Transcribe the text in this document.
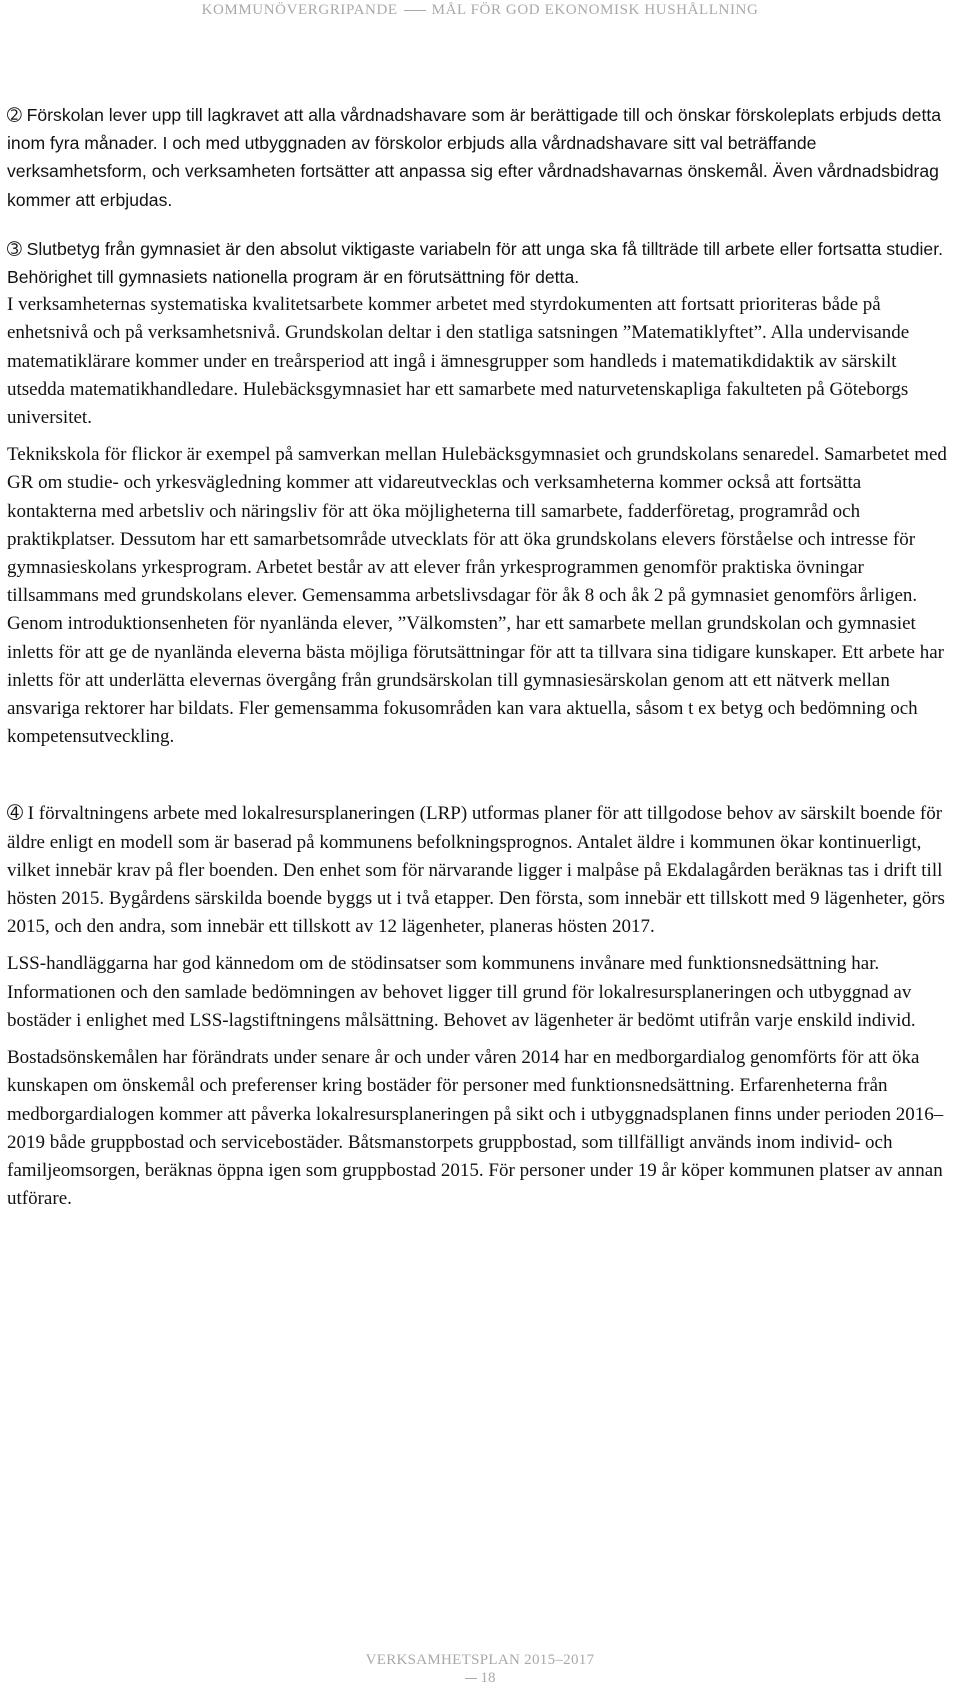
KOMMUNÖVERGRIPANDE MÅL FÖR GOD EKONOMISK HUSHÅLLNING

➁ Förskolan lever upp till lagkravet att alla vårdnadshavare som är berättigade till och önskar förskoleplats erbjuds detta inom fyra månader. I och med utbyggnaden av förskolor erbjuds alla vårdnadshavare sitt val beträffande verksamhetsform, och verksamheten fortsätter att anpassa sig efter vårdnadshavarnas önskemål. Även vårdnadsbidrag kommer att erbjudas.

➂ Slutbetyg från gymnasiet är den absolut viktigaste variabeln för att unga ska få tillträde till arbete eller fortsatta studier. Behörighet till gymnasiets nationella program är en förutsättning för detta.

I verksamheternas systematiska kvalitetsarbete kommer arbetet med styrdokumenten att fortsatt prioriteras både på enhetsnivå och på verksamhetsnivå. Grundskolan deltar i den statliga satsningen ”Matematiklyftet”. Alla undervisande matematiklärare kommer under en treårsperiod att ingå i ämnesgrupper som handleds i matematikdidaktik av särskilt utsedda matematikhandledare. Hulebäcksgymnasiet har ett samarbete med naturvetenskapliga fakulteten på Göteborgs universitet.

Teknikskola för flickor är exempel på samverkan mellan Hulebäcksgymnasiet och grundskolans senaredel. Samarbetet med GR om studie- och yrkesvägledning kommer att vidareutvecklas och verksamheterna kommer också att fortsätta kontakterna med arbetsliv och näringsliv för att öka möjligheterna till samarbete, fadderföretag, programråd och praktikplatser. Dessutom har ett samarbetsområde utvecklats för att öka grundskolans elevers förståelse och intresse för gymnasieskolans yrkesprogram. Arbetet består av att elever från yrkesprogrammen genomför praktiska övningar tillsammans med grundskolans elever. Gemensamma arbetslivsdagar för åk 8 och åk 2 på gymnasiet genomförs årligen. Genom introduktionsenheten för nyanlända elever, ”Välkomsten”, har ett samarbete mellan grundskolan och gymnasiet inletts för att ge de nyanlända eleverna bästa möjliga förutsättningar för att ta tillvara sina tidigare kunskaper. Ett arbete har inletts för att underlätta elevernas övergång från grundsärskolan till gymnasiesärskolan genom att ett nätverk mellan ansvariga rektorer har bildats. Fler gemensamma fokusområden kan vara aktuella, såsom t ex betyg och bedömning och kompetensutveckling.

➃ I förvaltningens arbete med lokalresursplaneringen (LRP) utformas planer för att tillgodose behov av särskilt boende för äldre enligt en modell som är baserad på kommunens befolkningsprognos. Antalet äldre i kommunen ökar kontinuerligt, vilket innebär krav på fler boenden. Den enhet som för närvarande ligger i malpåse på Ekdalagården beräknas tas i drift till hösten 2015. Bygårdens särskilda boende byggs ut i två etapper. Den första, som innebär ett tillskott med 9 lägenheter, görs 2015, och den andra, som innebär ett tillskott av 12 lägenheter, planeras hösten 2017.

LSS-handläggarna har god kännedom om de stödinsatser som kommunens invånare med funktionsnedsättning har. Informationen och den samlade bedömningen av behovet ligger till grund för lokalresursplaneringen och utbyggnad av bostäder i enlighet med LSS-lagstiftningens målsättning. Behovet av lägenheter är bedömt utifrån varje enskild individ.

Bostadsönskemålen har förändrats under senare år och under våren 2014 har en medborgardialog genomförts för att öka kunskapen om önskemål och preferenser kring bostäder för personer med funktionsnedsättning. Erfarenheterna från medborgardialogen kommer att påverka lokalresursplaneringen på sikt och i utbyggnadsplanen finns under perioden 2016–2019 både gruppbostad och servicebostäder. Båtsmanstorpets gruppbostad, som tillfälligt används inom individ- och familjeomsorgen, beräknas öppna igen som gruppbostad 2015. För personer under 19 år köper kommunen platser av annan utförare.

VERKSAMHETSPLAN 2015–2017
18
